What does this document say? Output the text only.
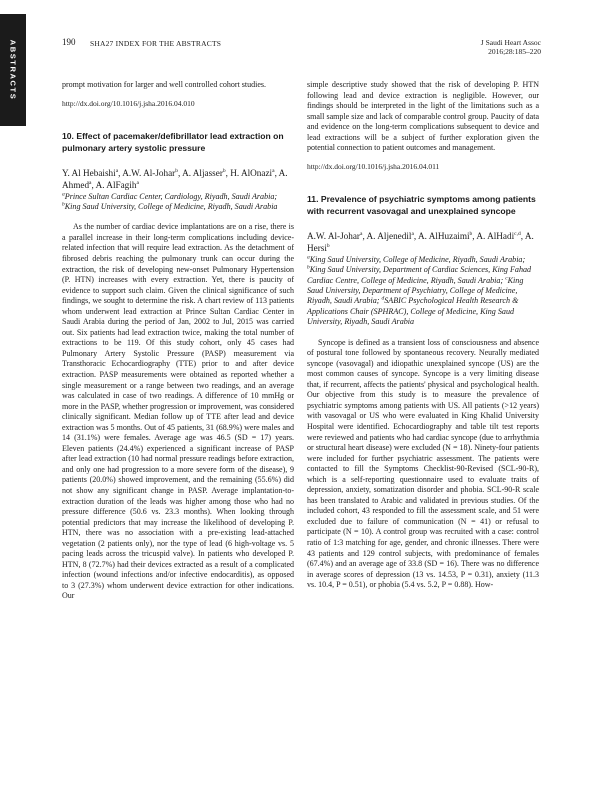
ABSTRACTS	190 SHA27 INDEX FOR THE ABSTRACTS	J Saudi Heart Assoc
2016;28:185–220

prompt motivation for larger and well controlled cohort studies.

http://dx.doi.org/10.1016/j.jsha.2016.04.010

10. Effect of pacemaker/defibrillator lead extraction on pulmonary artery systolic pressure
Y. Al Hebaishi$^a$, A.W. Al-Johar$^b$, A. Aljasser$^b$, H. AlOnazi$^a$, A. Ahmed$^a$, A. AlFagih$^a$
$^a$Prince Sultan Cardiac Center, Cardiology, Riyadh, Saudi Arabia; $^b$King Saud University, College of Medicine, Riyadh, Saudi Arabia

As the number of cardiac device implantations are on a rise, there is a parallel increase in their long-term complications including device-related infection that will require lead extraction. As the detachment of fibrosed debris reaching the pulmonary trunk can occur during the extraction, the risk of developing new-onset Pulmonary Hypertension (P. HTN) increases with every extraction. Yet, there is paucity of evidence to support such claim. Given the clinical significance of such findings, we sought to determine the risk. A chart review of 113 patients whom underwent lead extraction at Prince Sultan Cardiac Center in Saudi Arabia during the period of Jan, 2002 to Jul, 2015 was carried out. Six patients had lead extraction twice, making the total number of extractions to be 119. Of this study cohort, only 45 cases had Pulmonary Artery Systolic Pressure (PASP) measurement via Transthoracic Echocardiography (TTE) prior to and after device extraction. PASP measurements were obtained as reported whether a single measurement or a range between two readings, and an average was calculated in case of two readings. A difference of 10 mmHg or more in the PASP, whether progression or improvement, was considered clinically significant. Median follow up of TTE after lead and device extraction was 5 months. Out of 45 patients, 31 (68.9%) were males and 14 (31.1%) were females. Average age was 46.5 (SD = 17) years. Eleven patients (24.4%) experienced a significant increase of PASP after lead extraction (10 had normal pressure readings before extraction, and only one had progression to a more severe form of the disease), 9 patients (20.0%) showed improvement, and the remaining (55.6%) did not show any significant change in PASP. Average implantation-to-extraction duration of the leads was higher among those who had no pressure difference (50.6 vs. 23.3 months). When looking through potential predictors that may increase the likelihood of developing P. HTN, there was no association with a pre-existing lead-attached vegetation (2 patients only), nor the type of lead (6 high-voltage vs. 5 pacing leads across the tricuspid valve). In patients who developed P. HTN, 8 (72.7%) had their devices extracted as a result of a complicated infection (wound infections and/or infective endocarditis), as opposed to 3 (27.3%) whom underwent device extraction for other indications. Our

simple descriptive study showed that the risk of developing P. HTN following lead and device extraction is negligible. However, our findings should be interpreted in the light of the limitations such as a small sample size and lack of comparable control group. Paucity of data and evidence on the long-term complications subsequent to device and lead extractions will be a subject of further exploration given the potential connection to patient outcomes and management.

http://dx.doi.org/10.1016/j.jsha.2016.04.011

11. Prevalence of psychiatric symptoms among patients with recurrent vasovagal and unexplained syncope
A.W. Al-Johar$^a$, A. Aljenedil$^a$, A. AlHuzaimi$^b$, A. AlHadi$^{c,d}$, A. Hersi$^b$
$^a$King Saud University, College of Medicine, Riyadh, Saudi Arabia; $^b$King Saud University, Department of Cardiac Sciences, King Fahad Cardiac Centre, College of Medicine, Riyadh, Saudi Arabia; $^c$King Saud University, Department of Psychiatry, College of Medicine, Riyadh, Saudi Arabia; $^d$SABIC Psychological Health Research & Applications Chair (SPHRAC), College of Medicine, King Saud University, Riyadh, Saudi Arabia

Syncope is defined as a transient loss of consciousness and absence of postural tone followed by spontaneous recovery. Neurally mediated syncope (vasovagal) and idiopathic unexplained syncope (US) are the most common causes of syncope. Syncope is a very limiting disease that, if recurrent, affects the patients' physical and psychological health. Our objective from this study is to measure the prevalence of psychiatric symptoms among patients with US. All patients (>12 years) with vasovagal or US who were evaluated in King Khalid University Hospital were identified. Echocardiography and table tilt test reports were reviewed and patients who had cardiac syncope (due to arrhythmia or structural heart disease) were excluded (N = 18). Ninety-four patients were included for further psychiatric assessment. The patients were contacted to fill the Symptoms Checklist-90-Revised (SCL-90-R), which is a self-reporting questionnaire used to evaluate traits of depression, anxiety, somatization disorder and phobia. SCL-90-R scale has been translated to Arabic and validated in previous studies. Of the included cohort, 43 responded to fill the assessment scale, and 51 were excluded due to failure of communication (N = 41) or refusal to participate (N = 10). A control group was recruited with a case: control ratio of 1:3 matching for age, gender, and chronic illnesses. There were 43 patients and 129 control subjects, with predominance of females (67.4%) and an average age of 33.8 (SD = 16). There was no difference in average scores of depression (13 vs. 14.53, P = 0.31), anxiety (11.3 vs. 10.4, P = 0.51), or phobia (5.4 vs. 5.2, P = 0.88). How-
